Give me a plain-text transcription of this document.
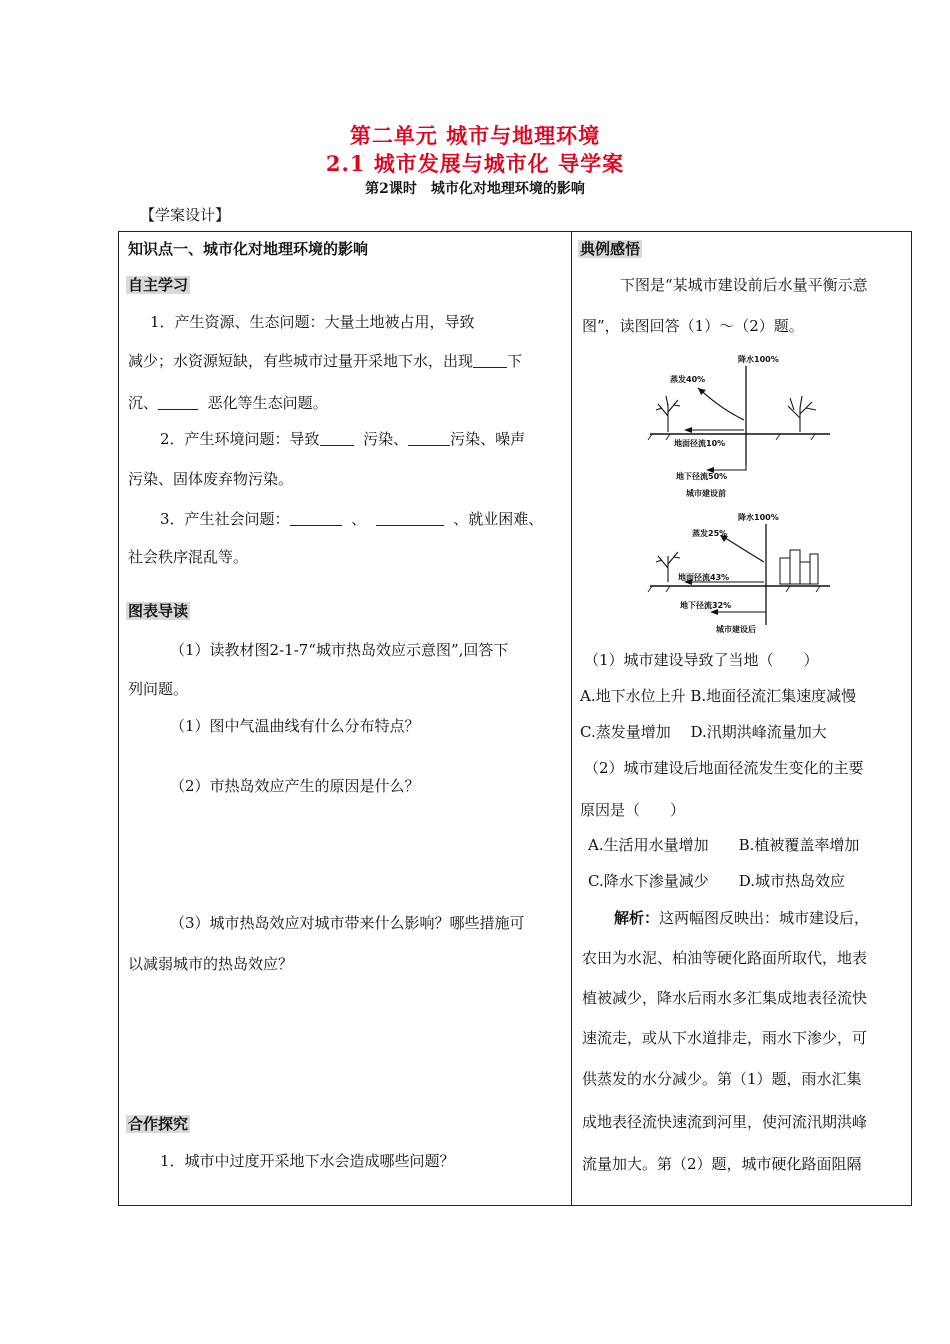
第二单元 城市与地理环境
2.1 城市发展与城市化 导学案
第2课时　城市化对地理环境的影响
【学案设计】
知识点一、城市化对地理环境的影响
自主学习
1．产生资源、生态问题：大量土地被占用，导致
减少；水资源短缺，有些城市过量开采地下水，出现 下
沉、	恶化等生态问题。
2．产生环境问题：导致	污染、	污染、噪声
污染、固体废弃物污染。
3．产生社会问题：	、	、就业困难、
社会秩序混乱等。
图表导读
（1）读教材图2-1-7“城市热岛效应示意图”,回答下
列问题。
（1）图中气温曲线有什么分布特点？
（2）市热岛效应产生的原因是什么？
（3）城市热岛效应对城市带来什么影响？哪些措施可
以减弱城市的热岛效应？
合作探究
1．城市中过度开采地下水会造成哪些问题？
典例感悟
下图是“某城市建设前后水量平衡示意
图”，读图回答（1）～（2）题。
降水100%
蒸发40%
地面径流10%
地下径流50%
城市建设前
降水100%
蒸发25%
地面径流43%
地下径流32%
城市建设后
（1）城市建设导致了当地（　　）
A.地下水位上升 B.地面径流汇集速度减慢
C.蒸发量增加　 D.汛期洪峰流量加大
（2）城市建设后地面径流发生变化的主要
原因是（　　）
A.生活用水量增加　　B.植被覆盖率增加
C.降水下渗量减少　　D.城市热岛效应
解析：这两幅图反映出：城市建设后，
农田为水泥、柏油等硬化路面所取代，地表
植被减少，降水后雨水多汇集成地表径流快
速流走，或从下水道排走，雨水下渗少，可
供蒸发的水分减少。第（1）题，雨水汇集
成地表径流快速流到河里，使河流汛期洪峰
流量加大。第（2）题，城市硬化路面阻隔
